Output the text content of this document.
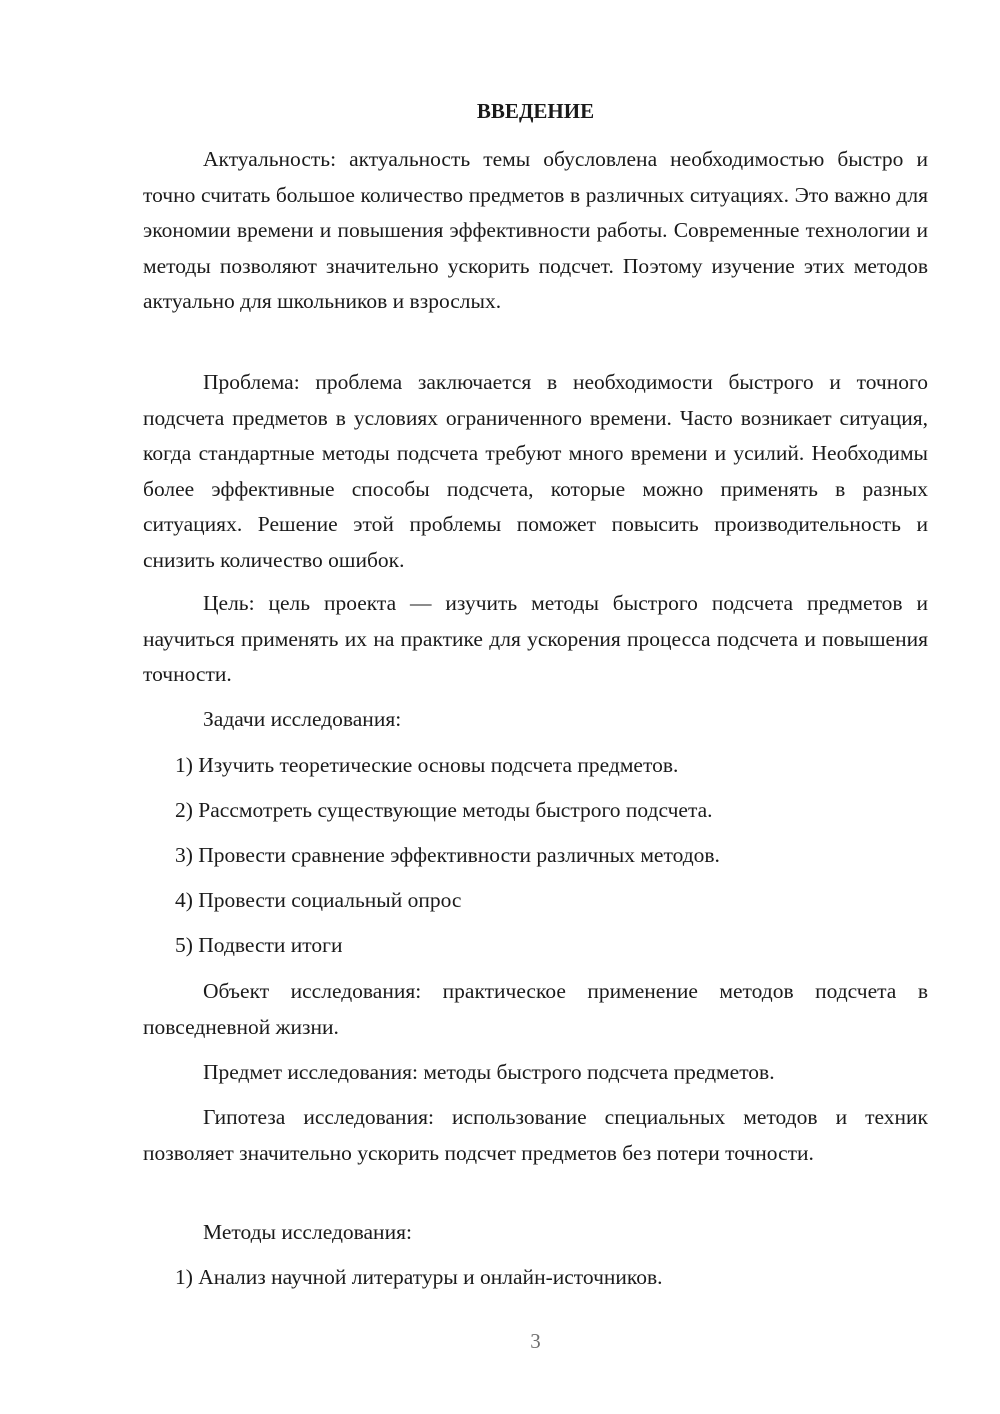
ВВЕДЕНИЕ

Актуальность: актуальность темы обусловлена необходимостью быстро и точно считать большое количество предметов в различных ситуациях. Это важно для экономии времени и повышения эффективности работы. Современные технологии и методы позволяют значительно ускорить подсчет. Поэтому изучение этих методов актуально для школьников и взрослых.

Проблема: проблема заключается в необходимости быстрого и точного подсчета предметов в условиях ограниченного времени. Часто возникает ситуация, когда стандартные методы подсчета требуют много времени и усилий. Необходимы более эффективные способы подсчета, которые можно применять в разных ситуациях. Решение этой проблемы поможет повысить производительность и снизить количество ошибок.

Цель: цель проекта — изучить методы быстрого подсчета предметов и научиться применять их на практике для ускорения процесса подсчета и повышения точности.

Задачи исследования:

1) Изучить теоретические основы подсчета предметов.

2) Рассмотреть существующие методы быстрого подсчета.

3) Провести сравнение эффективности различных методов.

4) Провести социальный опрос

5) Подвести итоги

Объект исследования: практическое применение методов подсчета в повседневной жизни.

Предмет исследования: методы быстрого подсчета предметов.

Гипотеза исследования: использование специальных методов и техник позволяет значительно ускорить подсчет предметов без потери точности.

Методы исследования:

1) Анализ научной литературы и онлайн-источников.

3
